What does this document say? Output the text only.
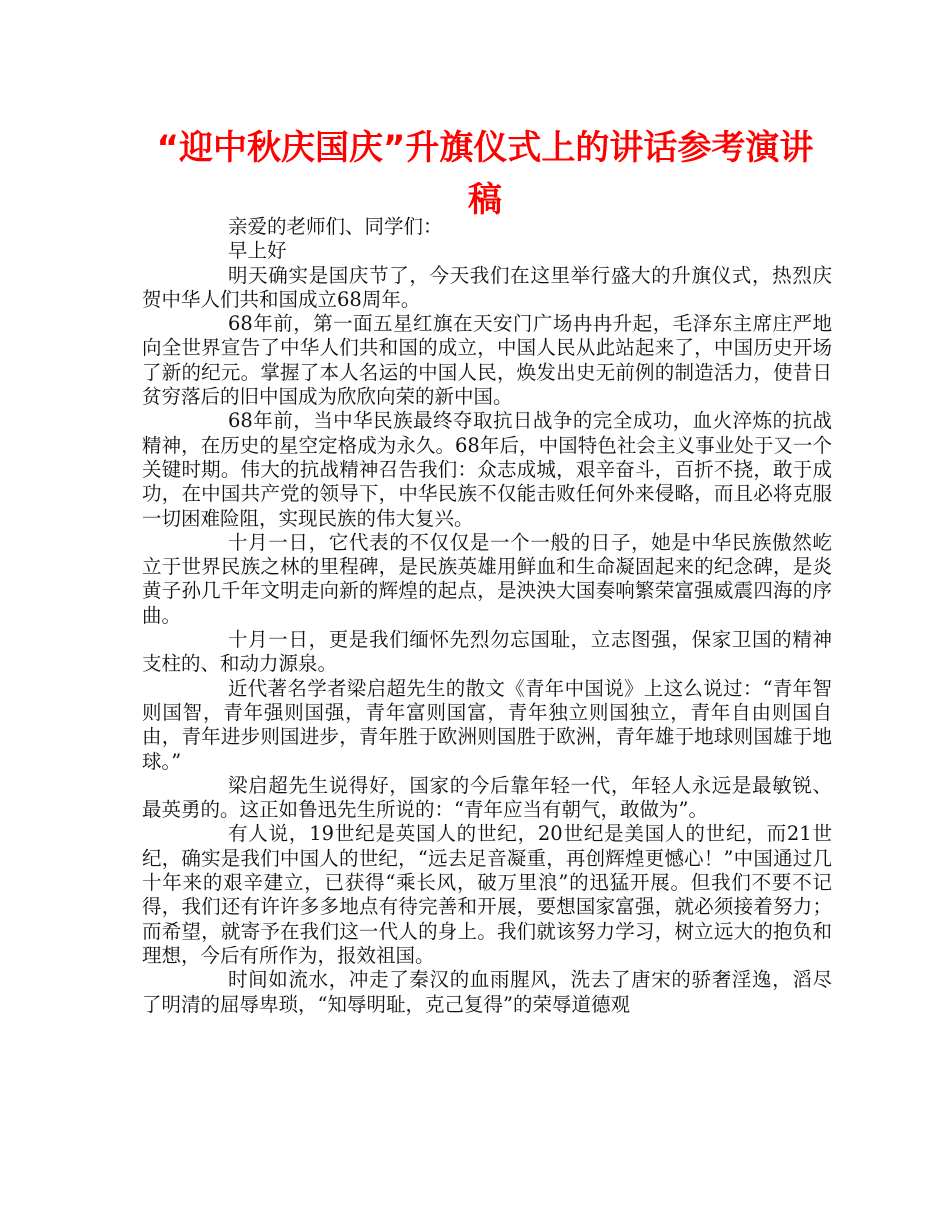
“迎中秋庆国庆”升旗仪式上的讲话参考演讲稿

亲爱的老师们、同学们：

早上好

明天确实是国庆节了，今天我们在这里举行盛大的升旗仪式，热烈庆贺中华人们共和国成立68周年。

68年前，第一面五星红旗在天安门广场冉冉升起，毛泽东主席庄严地向全世界宣告了中华人们共和国的成立，中国人民从此站起来了，中国历史开场了新的纪元。掌握了本人名运的中国人民，焕发出史无前例的制造活力，使昔日贫穷落后的旧中国成为欣欣向荣的新中国。

68年前，当中华民族最终夺取抗日战争的完全成功，血火淬炼的抗战精神，在历史的星空定格成为永久。68年后，中国特色社会主义事业处于又一个关键时期。伟大的抗战精神召告我们：众志成城，艰辛奋斗，百折不挠，敢于成功，在中国共产党的领导下，中华民族不仅能击败任何外来侵略，而且必将克服一切困难险阻，实现民族的伟大复兴。

十月一日，它代表的不仅仅是一个一般的日子，她是中华民族傲然屹立于世界民族之林的里程碑，是民族英雄用鲜血和生命凝固起来的纪念碑，是炎黄子孙几千年文明走向新的辉煌的起点，是泱泱大国奏响繁荣富强威震四海的序曲。

十月一日，更是我们缅怀先烈勿忘国耻，立志图强，保家卫国的精神支柱的、和动力源泉。

近代著名学者梁启超先生的散文《青年中国说》上这么说过：“青年智则国智，青年强则国强，青年富则国富，青年独立则国独立，青年自由则国自由，青年进步则国进步，青年胜于欧洲则国胜于欧洲，青年雄于地球则国雄于地球。”

梁启超先生说得好，国家的今后靠年轻一代，年轻人永远是最敏锐、最英勇的。这正如鲁迅先生所说的：“青年应当有朝气，敢做为”。

有人说，19世纪是英国人的世纪，20世纪是美国人的世纪，而21世纪，确实是我们中国人的世纪，“远去足音凝重，再创辉煌更憾心！”中国通过几十年来的艰辛建立，已获得“乘长风，破万里浪”的迅猛开展。但我们不要不记得，我们还有许许多多地点有待完善和开展，要想国家富强，就必须接着努力；而希望，就寄予在我们这一代人的身上。我们就该努力学习，树立远大的抱负和理想，今后有所作为，报效祖国。

时间如流水，冲走了秦汉的血雨腥风，洗去了唐宋的骄奢淫逸，滔尽了明清的屈辱卑琐，“知辱明耻，克己复得”的荣辱道德观
